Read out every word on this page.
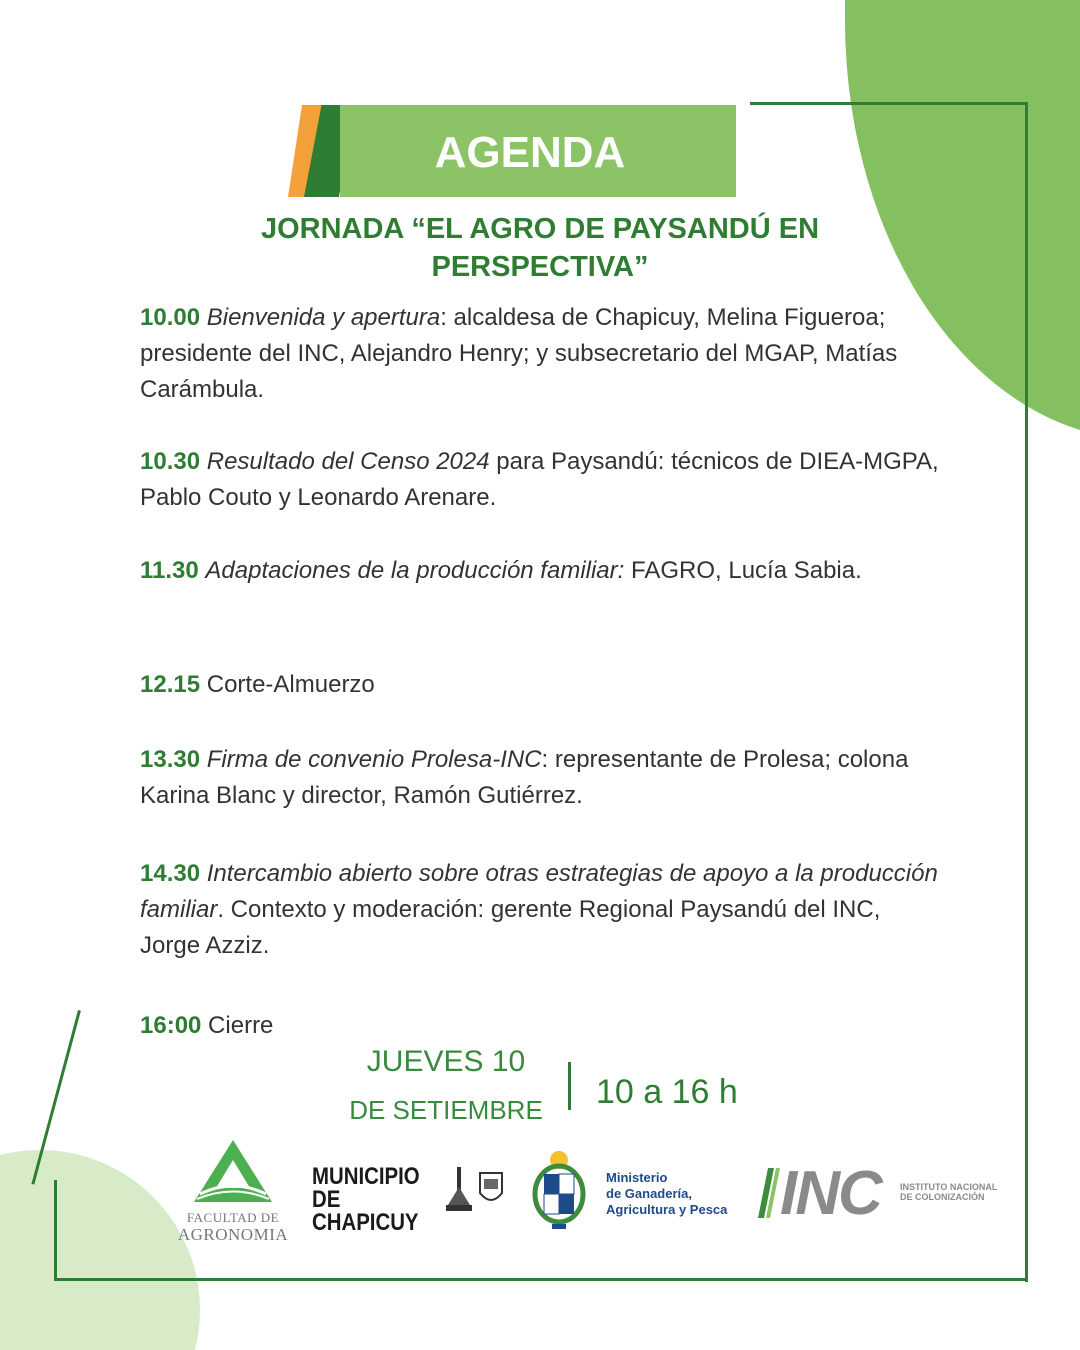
AGENDA
JORNADA “EL AGRO DE PAYSANDÚ EN PERSPECTIVA”
10.00 Bienvenida y apertura: alcaldesa de Chapicuy, Melina Figueroa; presidente del INC, Alejandro Henry; y subsecretario del MGAP, Matías Carámbula.
10.30 Resultado del Censo 2024 para Paysandú: técnicos de DIEA-MGPA, Pablo Couto y Leonardo Arenare.
11.30 Adaptaciones de la producción familiar: FAGRO, Lucía Sabia.
12.15 Corte-Almuerzo
13.30 Firma de convenio Prolesa-INC: representante de Prolesa; colona Karina Blanc y director, Ramón Gutiérrez.
14.30 Intercambio abierto sobre otras estrategias de apoyo a la producción familiar. Contexto y moderación: gerente Regional Paysandú del INC, Jorge Azziz.
16:00 Cierre
JUEVES 10
DE SETIEMBRE 10 a 16 h
FACULTAD DE
AGRONOMIA
MUNICIPIO DE
CHAPICUY
Ministerio
de Ganadería,
Agricultura y Pesca INC INSTITUTO NACIONAL
DE COLONIZACIÓN
